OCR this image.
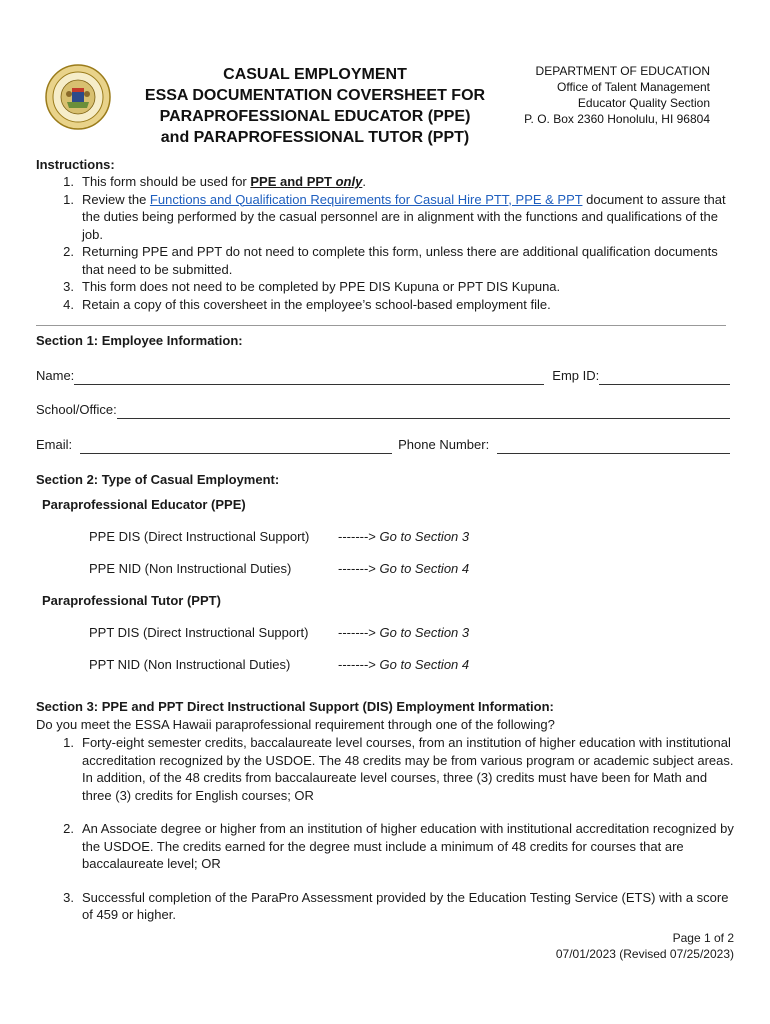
CASUAL EMPLOYMENT
ESSA DOCUMENTATION COVERSHEET FOR
PARAPROFESSIONAL EDUCATOR (PPE)
and PARAPROFESSIONAL TUTOR (PPT)
DEPARTMENT OF EDUCATION
Office of Talent Management
Educator Quality Section
P. O. Box 2360 Honolulu, HI 96804
Instructions:
1. This form should be used for PPE and PPT only.
1. Review the Functions and Qualification Requirements for Casual Hire PTT, PPE & PPT document to assure that the duties being performed by the casual personnel are in alignment with the functions and qualifications of the job.
2. Returning PPE and PPT do not need to complete this form, unless there are additional qualification documents that need to be submitted.
3. This form does not need to be completed by PPE DIS Kupuna or PPT DIS Kupuna.
4. Retain a copy of this coversheet in the employee’s school-based employment file.
Section 1: Employee Information:
Name:	Emp ID:
School/Office:
Email:	Phone Number:
Section 2: Type of Casual Employment:
Paraprofessional Educator (PPE)
PPE DIS (Direct Instructional Support) -------> Go to Section 3
PPE NID (Non Instructional Duties)	-------> Go to Section 4
Paraprofessional Tutor (PPT)
PPT DIS (Direct Instructional Support) -------> Go to Section 3
PPT NID (Non Instructional Duties)	-------> Go to Section 4
Section 3: PPE and PPT Direct Instructional Support (DIS) Employment Information:
Do you meet the ESSA Hawaii paraprofessional requirement through one of the following?
1. Forty-eight semester credits, baccalaureate level courses, from an institution of higher education with institutional accreditation recognized by the USDOE. The 48 credits may be from various program or academic subject areas. In addition, of the 48 credits from baccalaureate level courses, three (3) credits must have been for Math and three (3) credits for English courses; OR
2. An Associate degree or higher from an institution of higher education with institutional accreditation recognized by the USDOE. The credits earned for the degree must include a minimum of 48 credits for courses that are baccalaureate level; OR
3. Successful completion of the ParaPro Assessment provided by the Education Testing Service (ETS) with a score of 459 or higher.
Page 1 of 2
07/01/2023 (Revised 07/25/2023)
